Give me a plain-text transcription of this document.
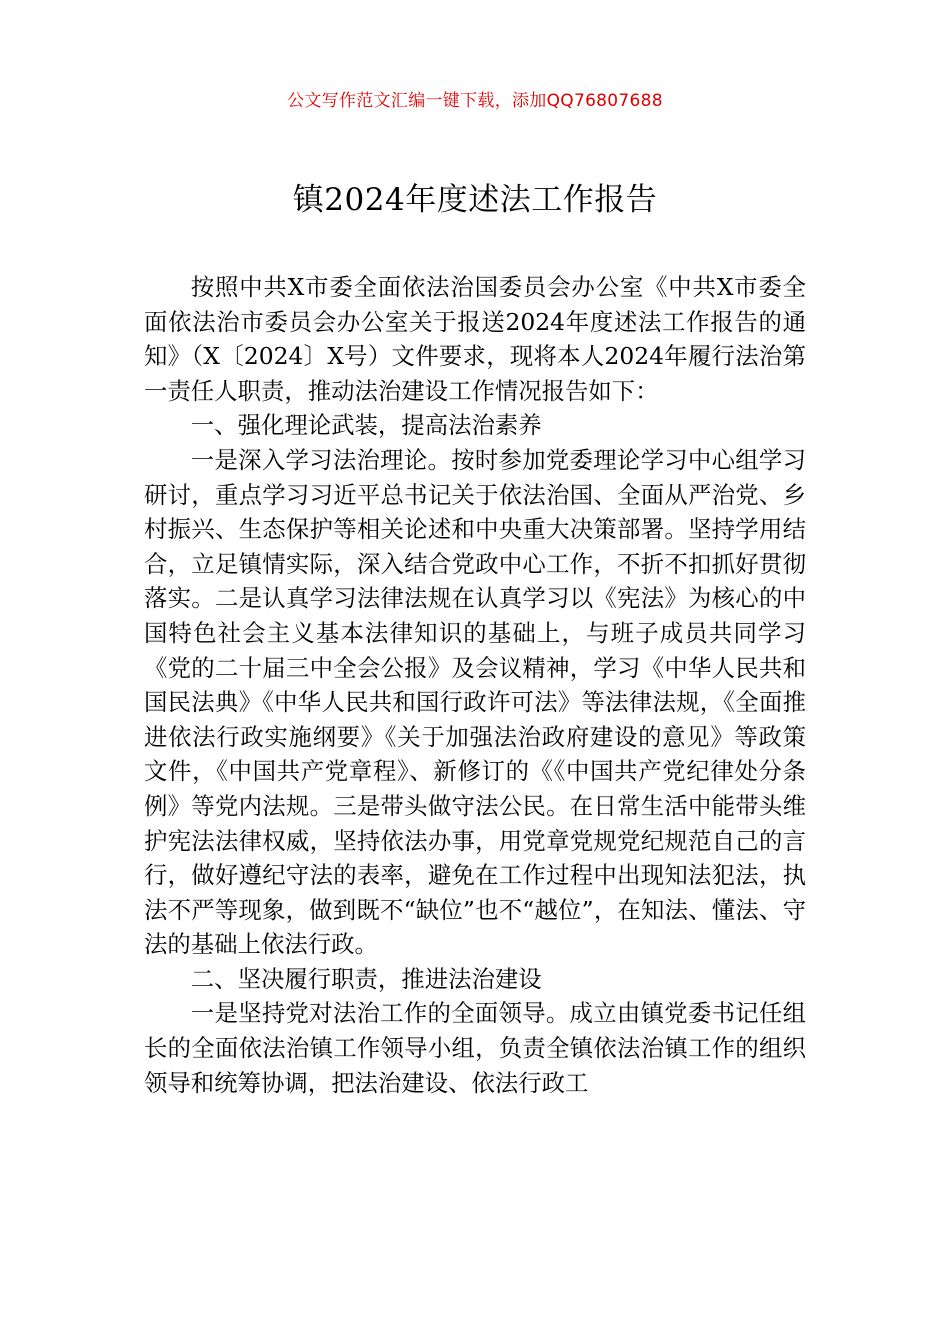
公文写作范文汇编一键下载，添加QQ76807688
镇2024年度述法工作报告

按照中共X市委全面依法治国委员会办公室《中共X市委全面依法治市委员会办公室关于报送2024年度述法工作报告的通知》（X〔2024〕X号）文件要求，现将本人2024年履行法治第一责任人职责，推动法治建设工作情况报告如下：

一、强化理论武装，提高法治素养

一是深入学习法治理论。按时参加党委理论学习中心组学习研讨，重点学习习近平总书记关于依法治国、全面从严治党、乡村振兴、生态保护等相关论述和中央重大决策部署。坚持学用结合，立足镇情实际，深入结合党政中心工作，不折不扣抓好贯彻落实。二是认真学习法律法规在认真学习以《宪法》为核心的中国特色社会主义基本法律知识的基础上，与班子成员共同学习《党的二十届三中全会公报》及会议精神，学习《中华人民共和国民法典》《中华人民共和国行政许可法》等法律法规，《全面推进依法行政实施纲要》《关于加强法治政府建设的意见》等政策文件，《中国共产党章程》、新修订的《《中国共产党纪律处分条例》等党内法规。三是带头做守法公民。在日常生活中能带头维护宪法法律权威，坚持依法办事，用党章党规党纪规范自己的言行，做好遵纪守法的表率，避免在工作过程中出现知法犯法，执法不严等现象，做到既不“缺位”也不“越位”，在知法、懂法、守法的基础上依法行政。

二、坚决履行职责，推进法治建设

一是坚持党对法治工作的全面领导。成立由镇党委书记任组长的全面依法治镇工作领导小组，负责全镇依法治镇工作的组织领导和统筹协调，把法治建设、依法行政工
